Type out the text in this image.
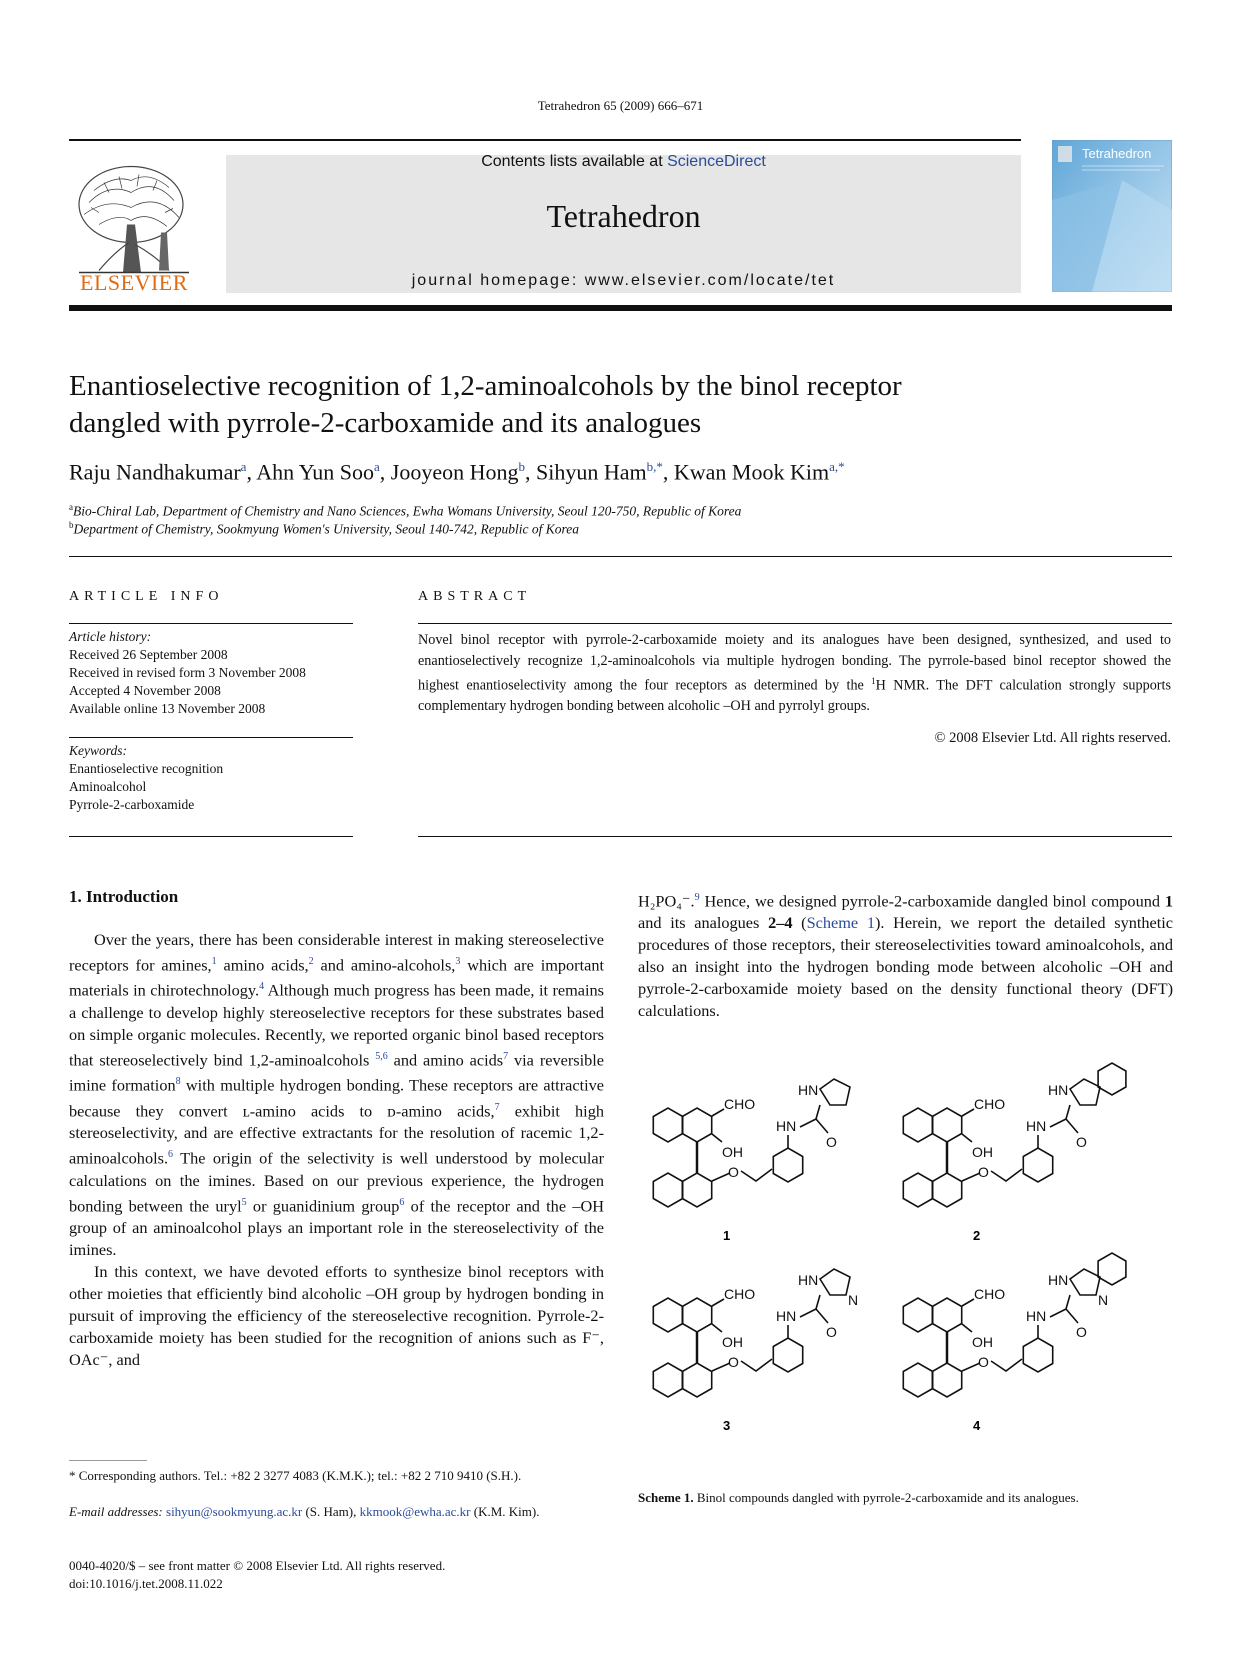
Tetrahedron 65 (2009) 666–671
ELSEVIER
Contents lists available at ScienceDirect
Tetrahedron
journal homepage: www.elsevier.com/locate/tet
Tetrahedron
Enantioselective recognition of 1,2-aminoalcohols by the binol receptor
dangled with pyrrole-2-carboxamide and its analogues
Raju Nandhakumar$^a$, Ahn Yun Soo$^a$, Jooyeon Hong$^b$, Sihyun Ham$^{b,*}$, Kwan Mook Kim$^{a,*}$
$^a$Bio-Chiral Lab, Department of Chemistry and Nano Sciences, Ewha Womans University, Seoul 120-750, Republic of Korea
$^b$Department of Chemistry, Sookmyung Women's University, Seoul 140-742, Republic of Korea
ARTICLE INFO
Article history:
Received 26 September 2008
Received in revised form 3 November 2008
Accepted 4 November 2008
Available online 13 November 2008
Keywords:
Enantioselective recognition
Aminoalcohol
Pyrrole-2-carboxamide
ABSTRACT
Novel binol receptor with pyrrole-2-carboxamide moiety and its analogues have been designed, synthesized, and used to enantioselectively recognize 1,2-aminoalcohols via multiple hydrogen bonding. The pyrrole-based binol receptor showed the highest enantioselectivity among the four receptors as determined by the $^1$H NMR. The DFT calculation strongly supports complementary hydrogen bonding between alcoholic –OH and pyrrolyl groups.
© 2008 Elsevier Ltd. All rights reserved.
1. Introduction

Over the years, there has been considerable interest in making stereoselective receptors for amines,$^1$ amino acids,$^2$ and amino-alcohols,$^3$ which are important materials in chirotechnology.$^4$ Although much progress has been made, it remains a challenge to develop highly stereoselective receptors for these substrates based on simple organic molecules. Recently, we reported organic binol based receptors that stereoselectively bind 1,2-aminoalcohols $^{5,6}$ and amino acids$^7$ via reversible imine formation$^8$ with multiple hydrogen bonding. These receptors are attractive because they convert ʟ-amino acids to ᴅ-amino acids,$^7$ exhibit high stereoselectivity, and are effective extractants for the resolution of racemic 1,2-aminoalcohols.$^6$ The origin of the selectivity is well understood by molecular calculations on the imines. Based on our previous experience, the hydrogen bonding between the uryl$^5$ or guanidinium group$^6$ of the receptor and the –OH group of an aminoalcohol plays an important role in the stereoselectivity of the imines.

In this context, we have devoted efforts to synthesize binol receptors with other moieties that efficiently bind alcoholic –OH group by hydrogen bonding in pursuit of improving the efficiency of the stereoselective recognition. Pyrrole-2-carboxamide moiety has been studied for the recognition of anions such as F⁻, OAc⁻, and

H₂PO₄⁻.$^9$ Hence, we designed pyrrole-2-carboxamide dangled binol compound 1 and its analogues 2–4 (Scheme 1). Herein, we report the detailed synthetic procedures of those receptors, their stereoselectivities toward aminoalcohols, and also an insight into the hydrogen bonding mode between alcoholic –OH and pyrrole-2-carboxamide moiety based on the density functional theory (DFT) calculations.
CHO
OH
O
HN
O
HN
1
CHO
OH
O
HN
O
HN
2
CHO
OH
O
HN
O
HN
N
3
CHO
OH
O
HN
O
HN
N
4
Scheme 1. Binol compounds dangled with pyrrole-2-carboxamide and its analogues.
* Corresponding authors. Tel.: +82 2 3277 4083 (K.M.K.); tel.: +82 2 710 9410 (S.H.).
E-mail addresses: sihyun@sookmyung.ac.kr (S. Ham), kkmook@ewha.ac.kr (K.M. Kim).
0040-4020/$ – see front matter © 2008 Elsevier Ltd. All rights reserved.
doi:10.1016/j.tet.2008.11.022
